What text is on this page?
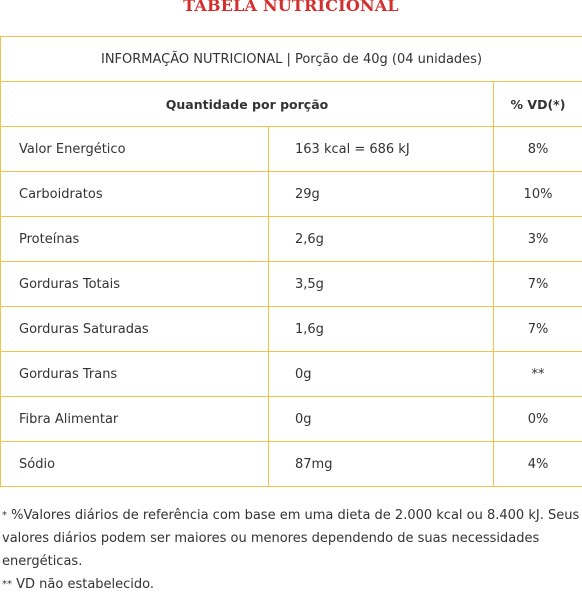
TABELA NUTRICIONAL
INFORMAÇÃO NUTRICIONAL | Porção de 40g (04 unidades)		
Quantidade por porção		% VD(*)
Valor Energético	163 kcal = 686 kJ	8%
Carboidratos	29g	10%
Proteínas	2,6g	3%
Gorduras Totais	3,5g	7%
Gorduras Saturadas	1,6g	7%
Gorduras Trans	0g	**
Fibra Alimentar	0g	0%
Sódio	87mg	4%

* %Valores diários de referência com base em uma dieta de 2.000 kcal ou 8.400 kJ. Seus valores diários podem ser maiores ou menores dependendo de suas necessidades energéticas.

** VD não estabelecido.
